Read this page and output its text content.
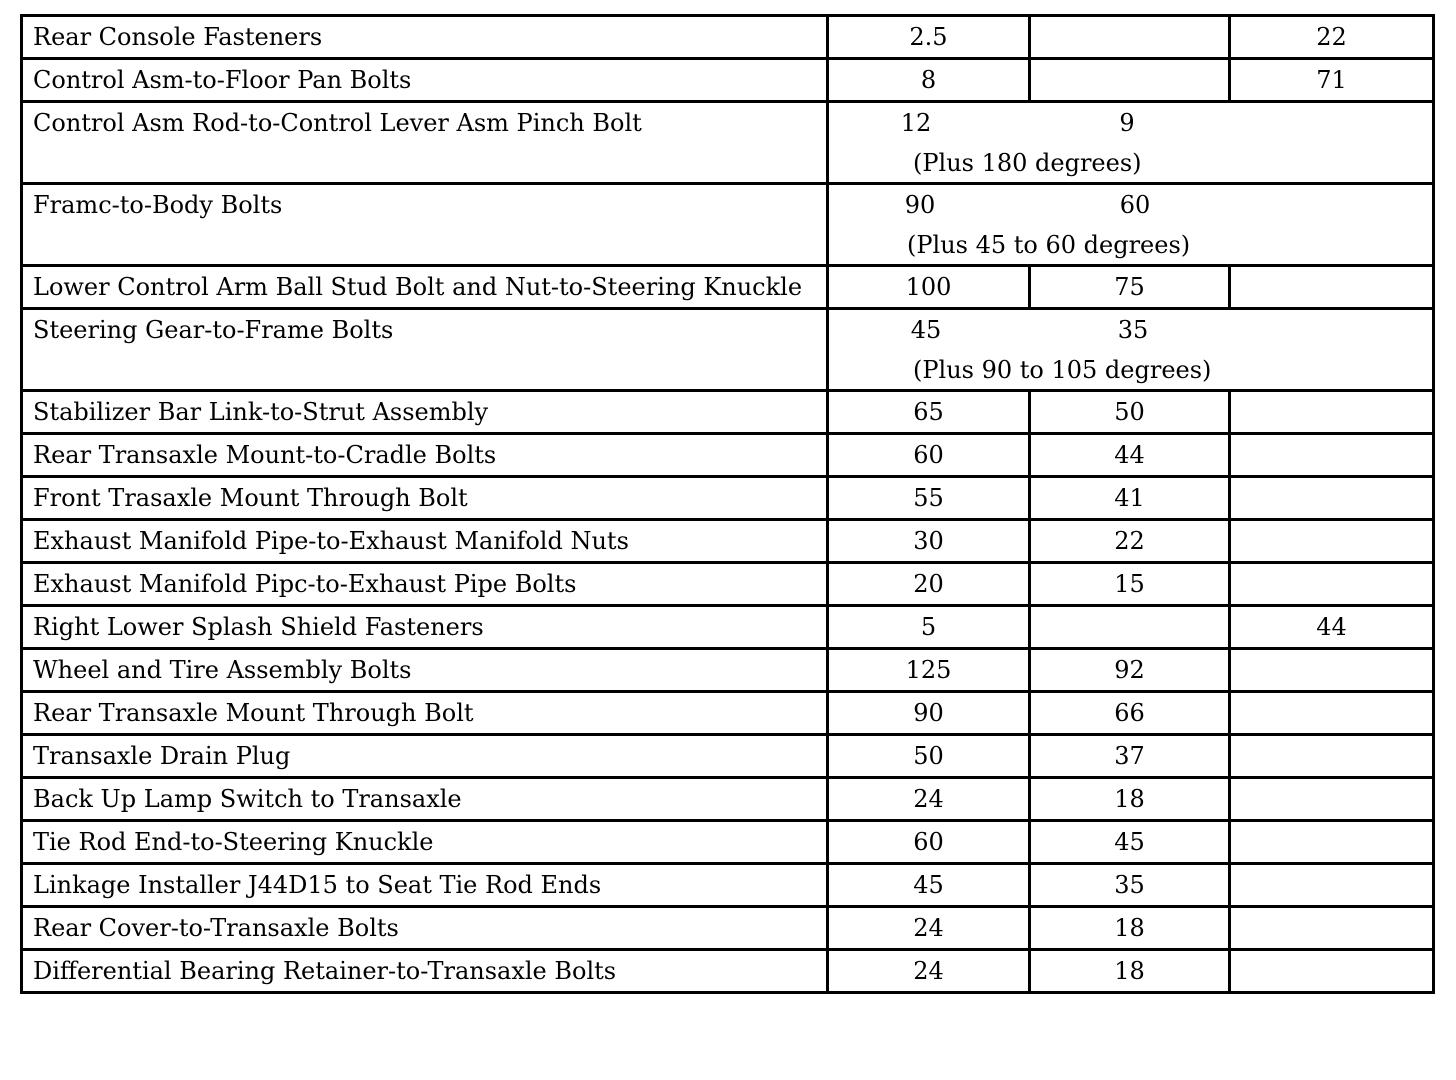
Rear Console Fasteners	2.5		22
Control Asm-to-Floor Pan Bolts	8		71
Control Asm Rod-to-Control Lever Asm Pinch Bolt	12 9
(Plus 180 degrees)		

Framc-to-Body Bolts	90 60
(Plus 45 to 60 degrees)		

Lower Control Arm Ball Stud Bolt and Nut-to-Steering Knuckle	100	75	
Steering Gear-to-Frame Bolts	45 35
(Plus 90 to 105 degrees)		

Stabilizer Bar Link-to-Strut Assembly	65	50	
Rear Transaxle Mount-to-Cradle Bolts	60	44	
Front Trasaxle Mount Through Bolt	55	41	
Exhaust Manifold Pipe-to-Exhaust Manifold Nuts	30	22	
Exhaust Manifold Pipc-to-Exhaust Pipe Bolts	20	15	
Right Lower Splash Shield Fasteners	5		44
Wheel and Tire Assembly Bolts	125	92	
Rear Transaxle Mount Through Bolt	90	66	
Transaxle Drain Plug	50	37	
Back Up Lamp Switch to Transaxle	24	18	
Tie Rod End-to-Steering Knuckle	60	45	
Linkage Installer J44D15 to Seat Tie Rod Ends	45	35	
Rear Cover-to-Transaxle Bolts	24	18	
Differential Bearing Retainer-to-Transaxle Bolts	24	18	
